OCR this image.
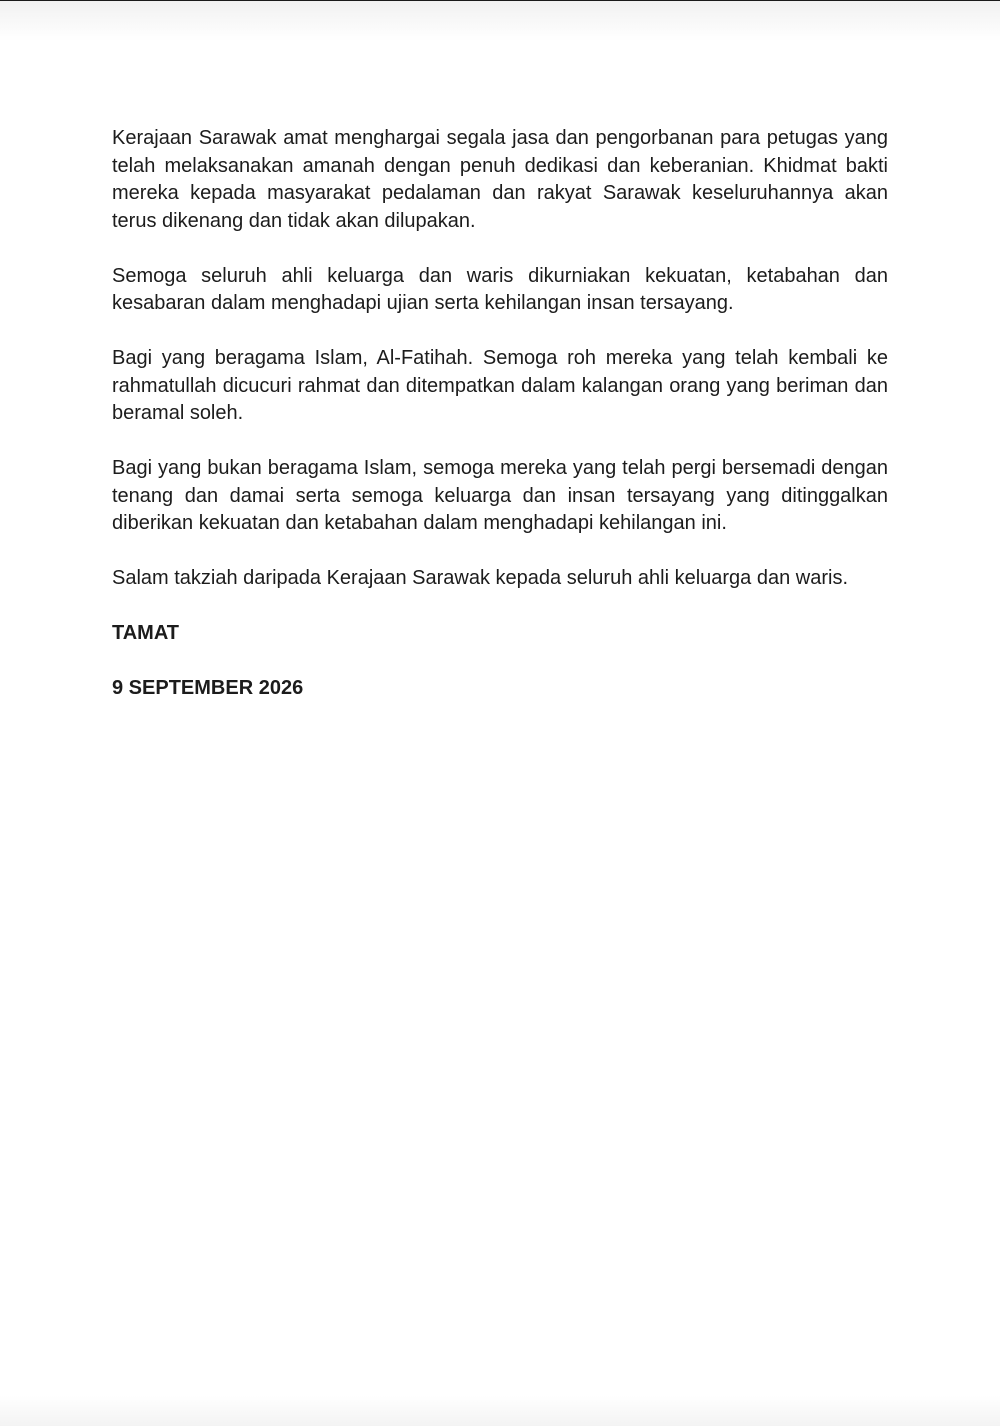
Kerajaan Sarawak amat menghargai segala jasa dan pengorbanan para petugas yang telah melaksanakan amanah dengan penuh dedikasi dan keberanian. Khidmat bakti mereka kepada masyarakat pedalaman dan rakyat Sarawak keseluruhannya akan terus dikenang dan tidak akan dilupakan.

Semoga seluruh ahli keluarga dan waris dikurniakan kekuatan, ketabahan dan kesabaran dalam menghadapi ujian serta kehilangan insan tersayang.

Bagi yang beragama Islam, Al-Fatihah. Semoga roh mereka yang telah kembali ke rahmatullah dicucuri rahmat dan ditempatkan dalam kalangan orang yang beriman dan beramal soleh.

Bagi yang bukan beragama Islam, semoga mereka yang telah pergi bersemadi dengan tenang dan damai serta semoga keluarga dan insan tersayang yang ditinggalkan diberikan kekuatan dan ketabahan dalam menghadapi kehilangan ini.

Salam takziah daripada Kerajaan Sarawak kepada seluruh ahli keluarga dan waris.

TAMAT

9 SEPTEMBER 2026
